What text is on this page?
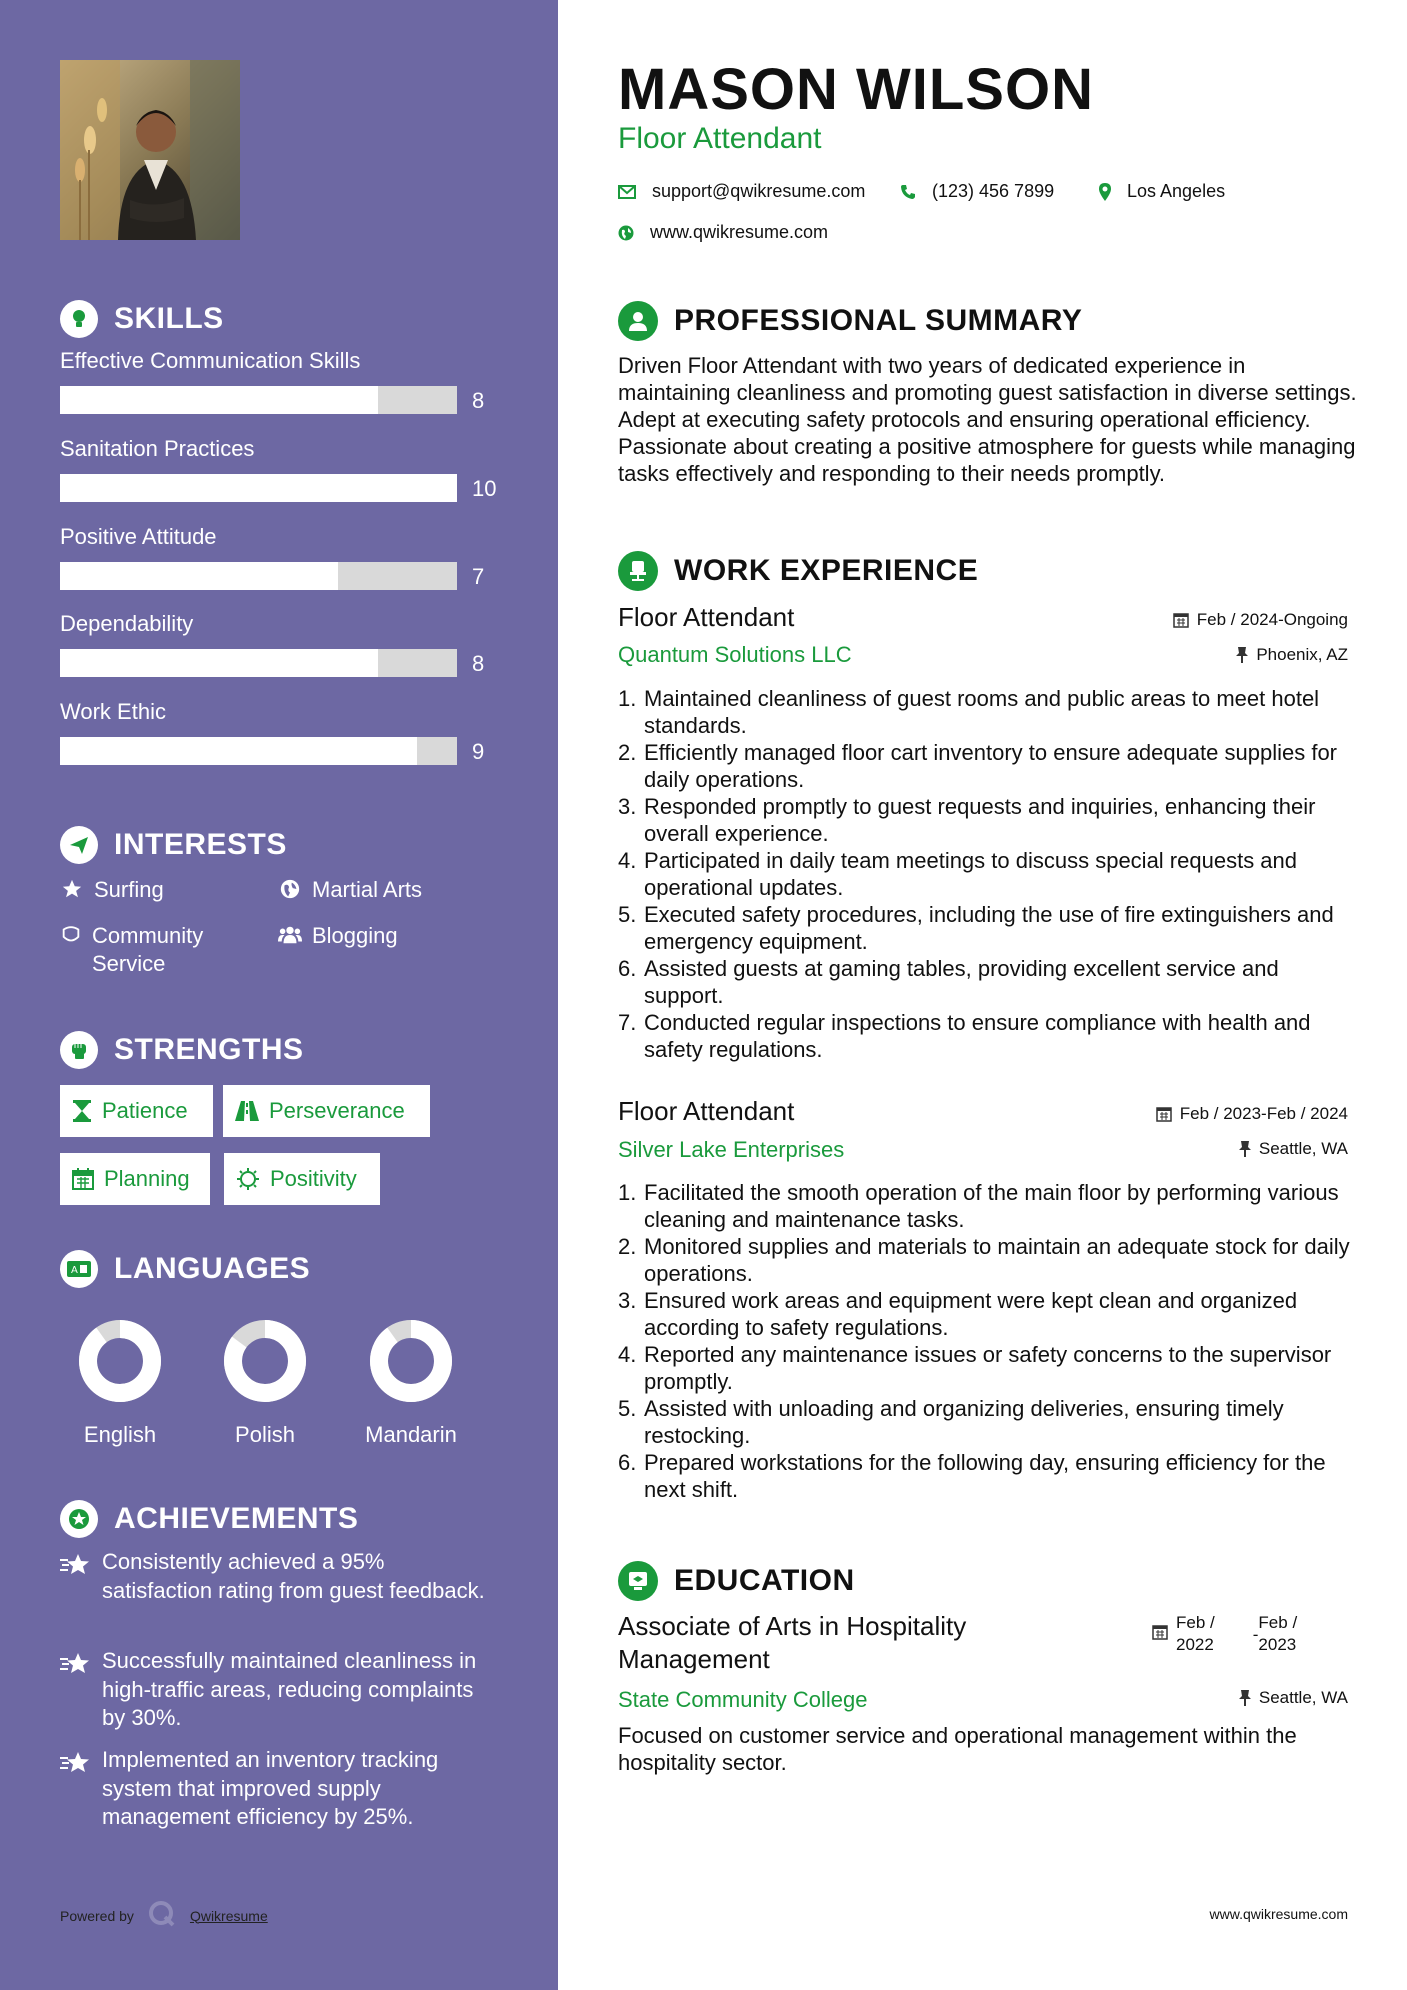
SKILLS
Effective Communication Skills
8
Sanitation Practices
10
Positive Attitude
7
Dependability
8
Work Ethic
9
INTERESTS
Surfing	Martial Arts
Community Service
Blogging
STRENGTHS
Patience	Perseverance
Planning	Positivity
A LANGUAGES
English	Polish	Mandarin
ACHIEVEMENTS
Consistently achieved a 95% satisfaction rating from guest feedback.
Successfully maintained cleanliness in high-traffic areas, reducing complaints by 30%.
Implemented an inventory tracking system that improved supply management efficiency by 25%.
Powered by	Qwikresume
MASON WILSON
Floor Attendant
support@qwikresume.com	(123) 456 7899	Los Angeles
www.qwikresume.com
PROFESSIONAL SUMMARY
Driven Floor Attendant with two years of dedicated experience in maintaining cleanliness and promoting guest satisfaction in diverse settings. Adept at executing safety protocols and ensuring operational efficiency. Passionate about creating a positive atmosphere for guests while managing tasks effectively and responding to their needs promptly.
WORK EXPERIENCE
Floor Attendant	Feb / 2024-Ongoing
Quantum Solutions LLC	Phoenix, AZ
1. Maintained cleanliness of guest rooms and public areas to meet hotel standards.
2. Efficiently managed floor cart inventory to ensure adequate supplies for daily operations.
3. Responded promptly to guest requests and inquiries, enhancing their overall experience.
4. Participated in daily team meetings to discuss special requests and operational updates.
5. Executed safety procedures, including the use of fire extinguishers and emergency equipment.
6. Assisted guests at gaming tables, providing excellent service and support.
7. Conducted regular inspections to ensure compliance with health and safety regulations.
Floor Attendant	Feb / 2023-Feb / 2024
Silver Lake Enterprises	Seattle, WA
1. Facilitated the smooth operation of the main floor by performing various cleaning and maintenance tasks.
2. Monitored supplies and materials to maintain an adequate stock for daily operations.
3. Ensured work areas and equipment were kept clean and organized according to safety regulations.
4. Reported any maintenance issues or safety concerns to the supervisor promptly.
5. Assisted with unloading and organizing deliveries, ensuring timely restocking.
6. Prepared workstations for the following day, ensuring efficiency for the next shift.
EDUCATION
Associate of Arts in Hospitality
Management
Feb /
2022
-
Feb /
2023
State Community College	Seattle, WA
Focused on customer service and operational management within the hospitality sector.
www.qwikresume.com
